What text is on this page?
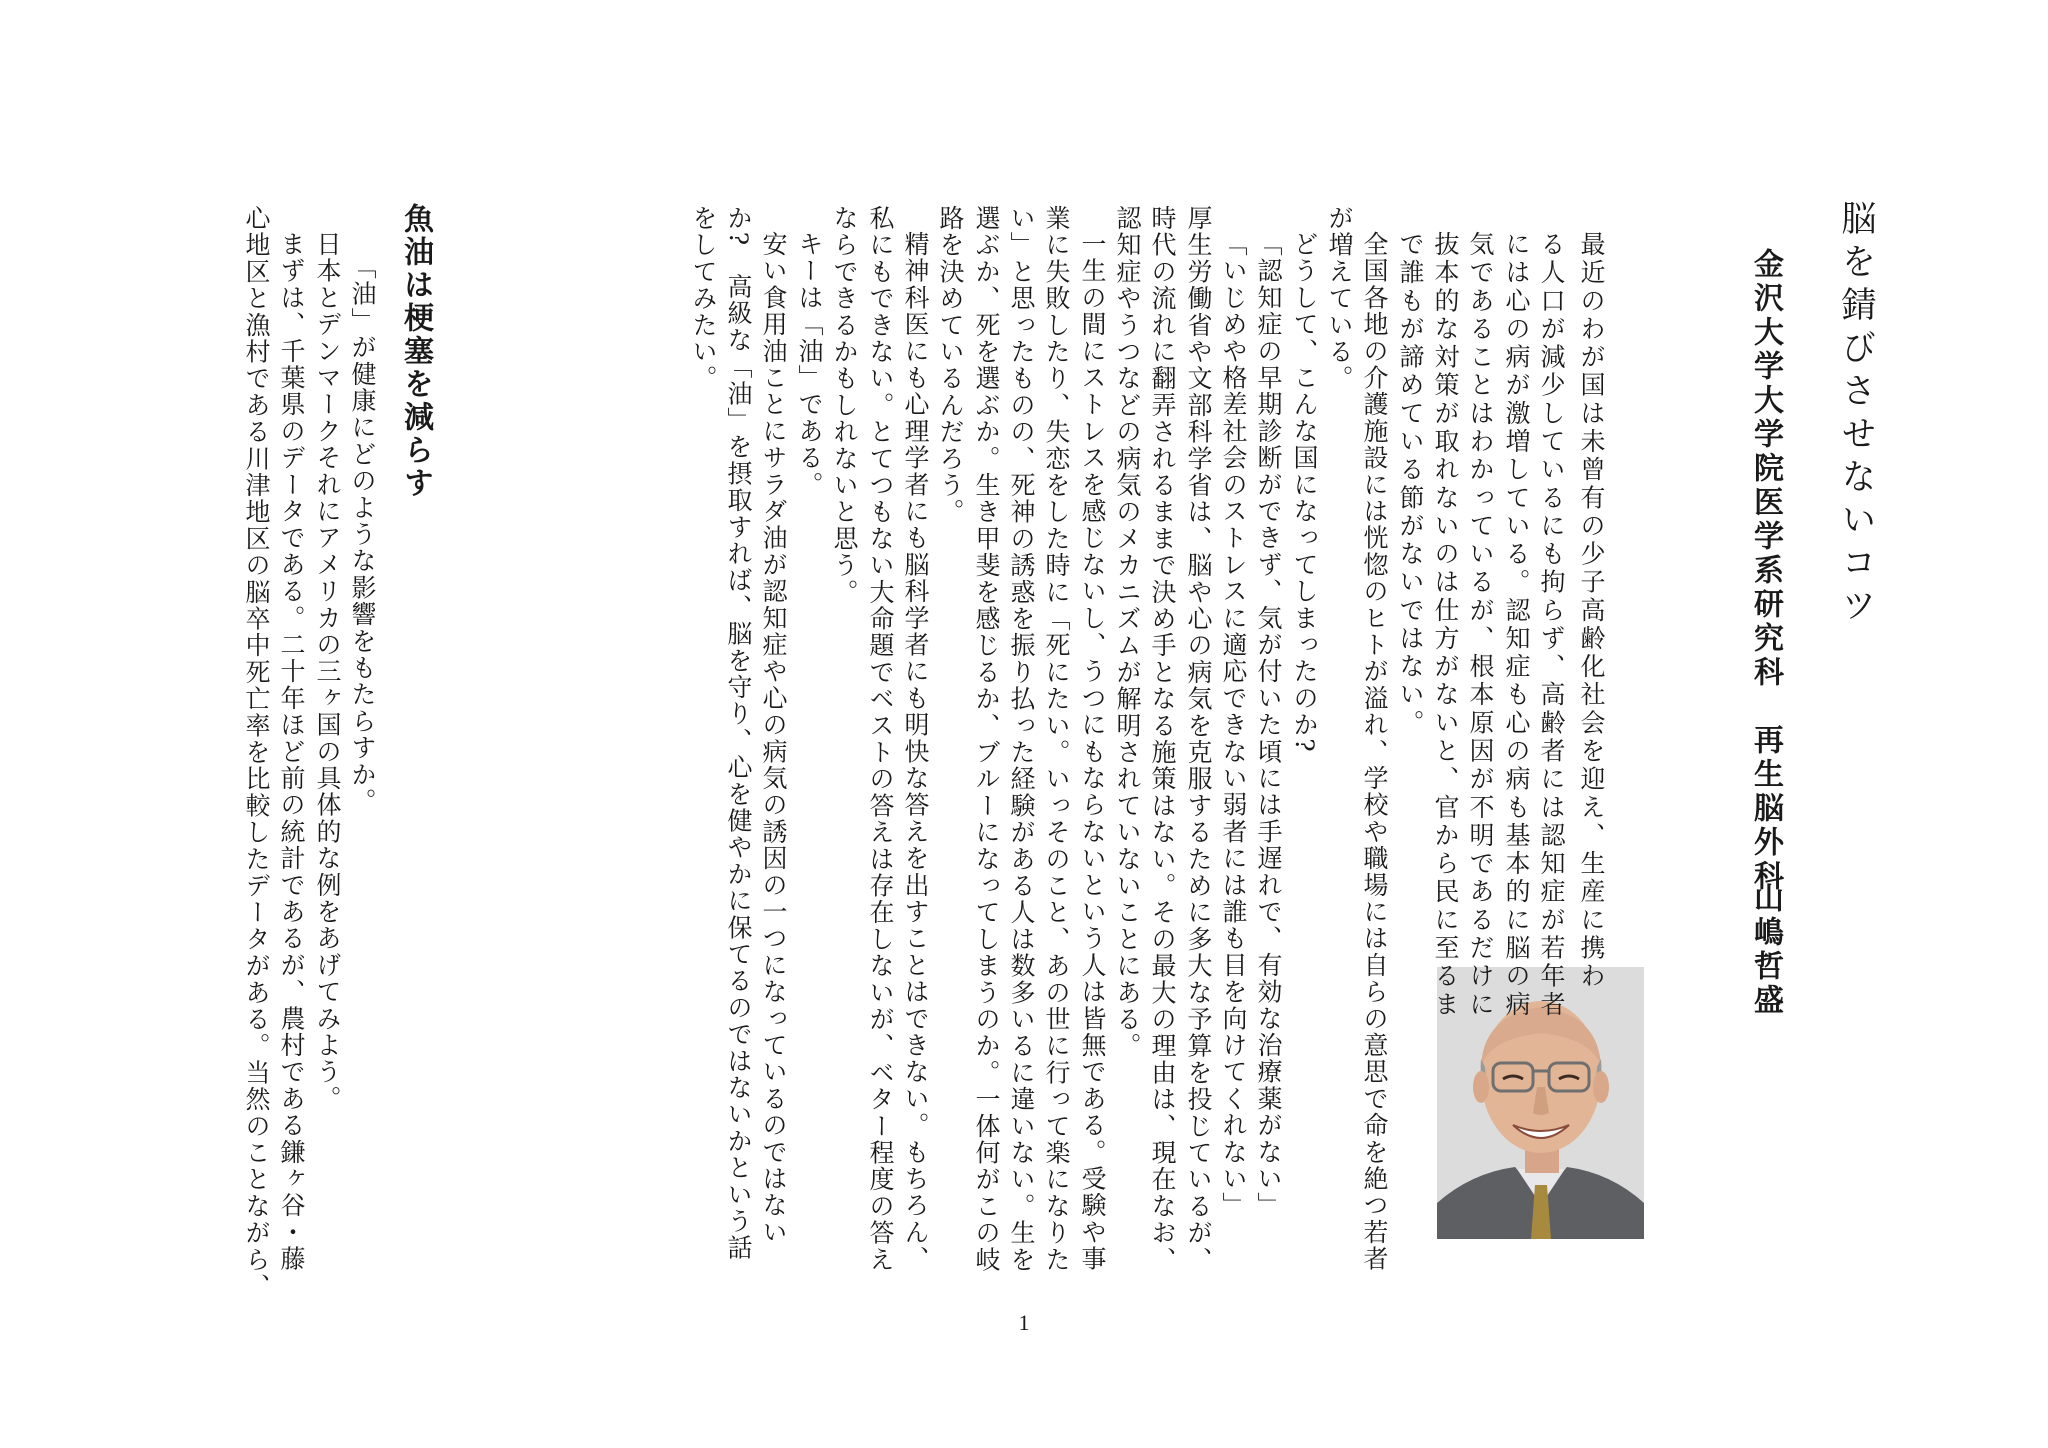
脳を錆びさせないコツ
金沢大学大学院医学系研究科　再生脳外科
山嶋哲盛
最近のわが国は未曾有の少子高齢化社会を迎え、生産に携わ
る人口が減少しているにも拘らず、高齢者には認知症が若年者
には心の病が激増している。認知症も心の病も基本的に脳の病
気であることはわかっているが、根本原因が不明であるだけに
抜本的な対策が取れないのは仕方がないと、官から民に至るま
で誰もが諦めている節がないではない。
全国各地の介護施設には恍惚のヒトが溢れ、学校や職場には自らの意思で命を絶つ若者
が増えている。
どうして、こんな国になってしまったのか?
「認知症の早期診断ができず、気が付いた頃には手遅れで、有効な治療薬がない」
「いじめや格差社会のストレスに適応できない弱者には誰も目を向けてくれない」
厚生労働省や文部科学省は、脳や心の病気を克服するために多大な予算を投じているが、
時代の流れに翻弄されるままで決め手となる施策はない。その最大の理由は、現在なお、
認知症やうつなどの病気のメカニズムが解明されていないことにある。
一生の間にストレスを感じないし、うつにもならないという人は皆無である。受験や事
業に失敗したり、失恋をした時に「死にたい。いっそのこと、あの世に行って楽になりた
い」と思ったものの、死神の誘惑を振り払った経験がある人は数多いるに違いない。生を
選ぶか、死を選ぶか。生き甲斐を感じるか、ブルーになってしまうのか。一体何がこの岐
路を決めているんだろう。
精神科医にも心理学者にも脳科学者にも明快な答えを出すことはできない。もちろん、
私にもできない。とてつもない大命題でベストの答えは存在しないが、ベター程度の答え
ならできるかもしれないと思う。
キーは「油」である。
安い食用油ことにサラダ油が認知症や心の病気の誘因の一つになっているのではない
か?　高級な「油」を摂取すれば、脳を守り、心を健やかに保てるのではないかという話
をしてみたい。
魚油は梗塞を減らす
「油」が健康にどのような影響をもたらすか。
日本とデンマークそれにアメリカの三ヶ国の具体的な例をあげてみよう。
まずは、千葉県のデータである。二十年ほど前の統計であるが、農村である鎌ヶ谷・藤
心地区と漁村である川津地区の脳卒中死亡率を比較したデータがある。当然のことながら、
1
